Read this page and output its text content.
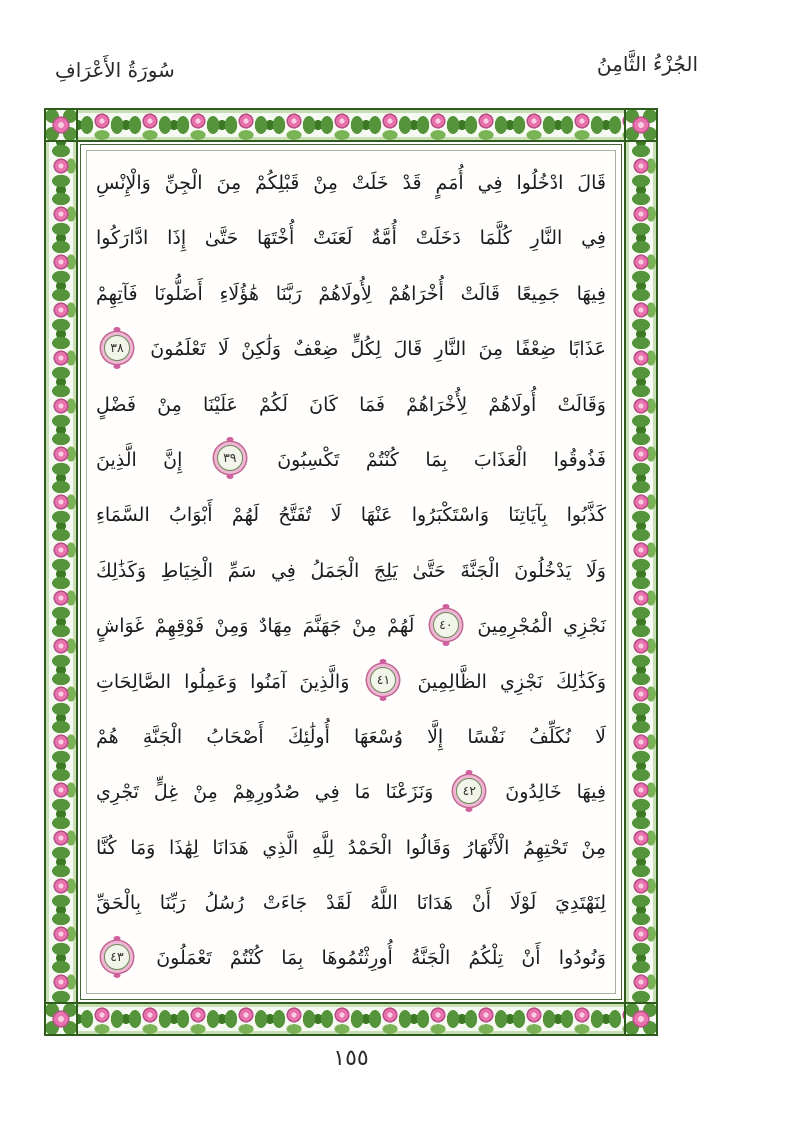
الجُزْءُ الثَّامِنُ
سُورَةُ الأَعْرَافِ
قَالَ ادْخُلُوا فِي أُمَمٍ قَدْ خَلَتْ مِنْ قَبْلِكُمْ مِنَ الْجِنِّ وَالْإِنْسِ
فِي النَّارِ كُلَّمَا دَخَلَتْ أُمَّةٌ لَعَنَتْ أُخْتَهَا حَتَّىٰ إِذَا ادَّارَكُوا
فِيهَا جَمِيعًا قَالَتْ أُخْرَاهُمْ لِأُولَاهُمْ رَبَّنَا هَٰؤُلَاءِ أَضَلُّونَا فَآتِهِمْ
عَذَابًا ضِعْفًا مِنَ النَّارِ قَالَ لِكُلٍّ ضِعْفٌ وَلَٰكِنْ لَا تَعْلَمُونَ ٣٨
وَقَالَتْ أُولَاهُمْ لِأُخْرَاهُمْ فَمَا كَانَ لَكُمْ عَلَيْنَا مِنْ فَضْلٍ
فَذُوقُوا الْعَذَابَ بِمَا كُنْتُمْ تَكْسِبُونَ ٣٩ إِنَّ الَّذِينَ
كَذَّبُوا بِآيَاتِنَا وَاسْتَكْبَرُوا عَنْهَا لَا تُفَتَّحُ لَهُمْ أَبْوَابُ السَّمَاءِ
وَلَا يَدْخُلُونَ الْجَنَّةَ حَتَّىٰ يَلِجَ الْجَمَلُ فِي سَمِّ الْخِيَاطِ وَكَذَٰلِكَ
نَجْزِي الْمُجْرِمِينَ ٤٠ لَهُمْ مِنْ جَهَنَّمَ مِهَادٌ وَمِنْ فَوْقِهِمْ غَوَاشٍ
وَكَذَٰلِكَ نَجْزِي الظَّالِمِينَ ٤١ وَالَّذِينَ آمَنُوا وَعَمِلُوا الصَّالِحَاتِ
لَا نُكَلِّفُ نَفْسًا إِلَّا وُسْعَهَا أُولَٰئِكَ أَصْحَابُ الْجَنَّةِ هُمْ
فِيهَا خَالِدُونَ ٤٢ وَنَزَعْنَا مَا فِي صُدُورِهِمْ مِنْ غِلٍّ تَجْرِي
مِنْ تَحْتِهِمُ الْأَنْهَارُ وَقَالُوا الْحَمْدُ لِلَّهِ الَّذِي هَدَانَا لِهَٰذَا وَمَا كُنَّا
لِنَهْتَدِيَ لَوْلَا أَنْ هَدَانَا اللَّهُ لَقَدْ جَاءَتْ رُسُلُ رَبِّنَا بِالْحَقِّ
وَنُودُوا أَنْ تِلْكُمُ الْجَنَّةُ أُورِثْتُمُوهَا بِمَا كُنْتُمْ تَعْمَلُونَ ٤٣
١٥٥
